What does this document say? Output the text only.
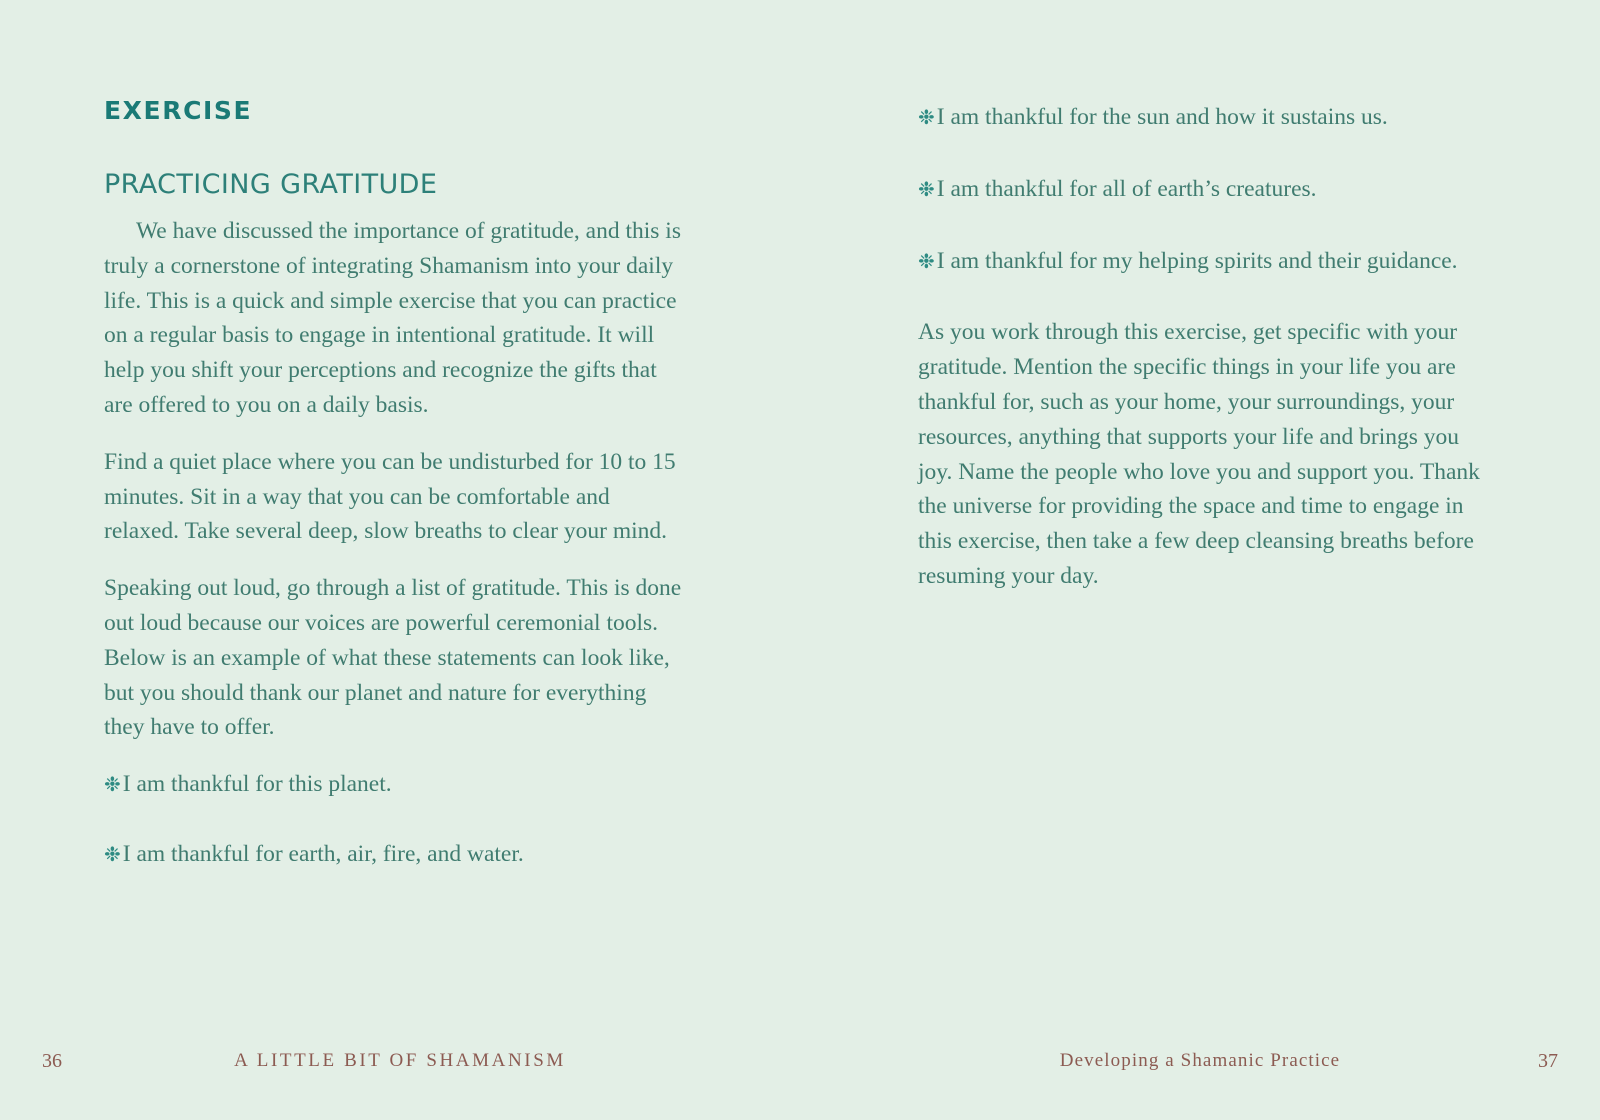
EXERCISE
PRACTICING GRATITUDE

We have discussed the importance of gratitude, and this is truly a cornerstone of integrating Shamanism into your daily life. This is a quick and simple exercise that you can practice on a regular basis to engage in intentional gratitude. It will help you shift your perceptions and recognize the gifts that are offered to you on a daily basis.

Find a quiet place where you can be undisturbed for 10 to 15 minutes. Sit in a way that you can be comfortable and relaxed. Take several deep, slow breaths to clear your mind.

Speaking out loud, go through a list of gratitude. This is done out loud because our voices are powerful ceremonial tools. Below is an example of what these statements can look like, but you should thank our planet and nature for everything they have to offer.

❉I am thankful for this planet.

❉I am thankful for earth, air, fire, and water.

❉I am thankful for the sun and how it sustains us.

❉I am thankful for all of earth’s creatures.

❉I am thankful for my helping spirits and their guidance.

As you work through this exercise, get specific with your gratitude. Mention the specific things in your life you are thankful for, such as your home, your surroundings, your resources, anything that supports your life and brings you joy. Name the people who love you and support you. Thank the universe for providing the space and time to engage in this exercise, then take a few deep cleansing breaths before resuming your day.

36	A LITTLE BIT OF SHAMANISM	Developing a Shamanic Practice	37
